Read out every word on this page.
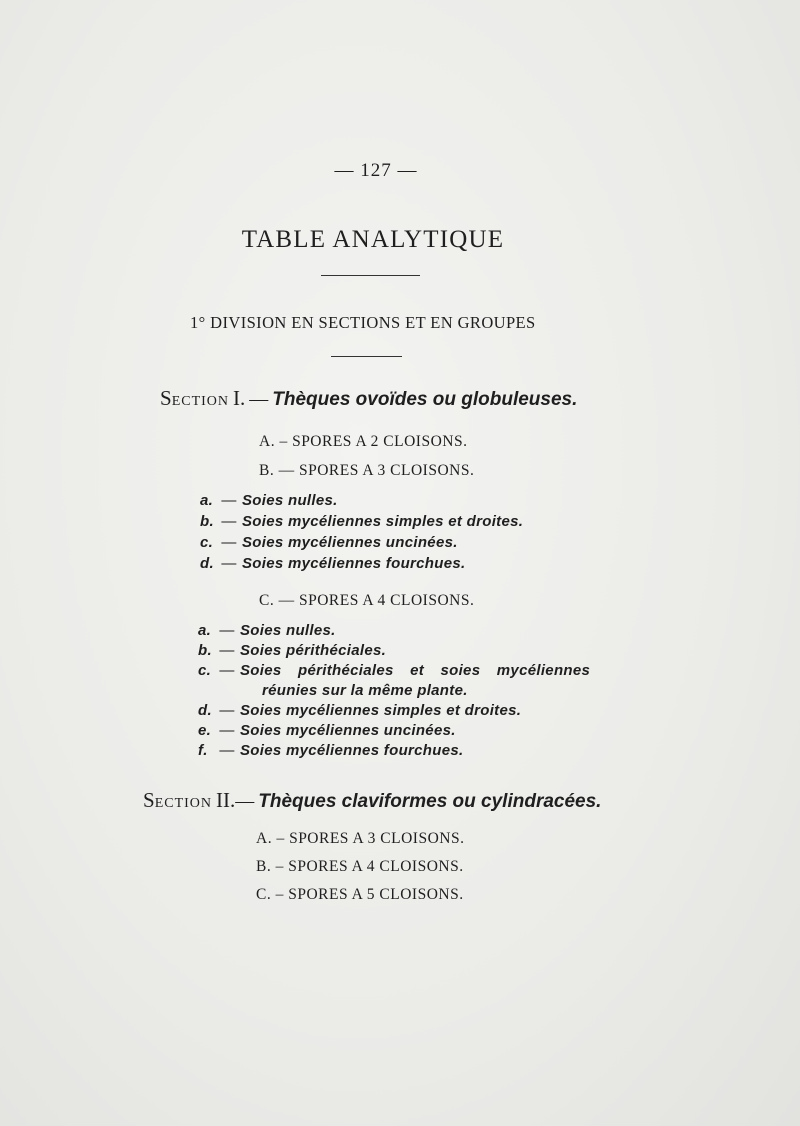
— 127 —
TABLE ANALYTIQUE
1° DIVISION EN SECTIONS ET EN GROUPES
SECTION I. — Thèques ovoïdes ou globuleuses.
A. – SPORES A 2 CLOISONS.
B. — SPORES A 3 CLOISONS.
a. — Soies nulles.
b. — Soies mycéliennes simples et droites.
c. — Soies mycéliennes uncinées.
d. — Soies mycéliennes fourchues.
C. — SPORES A 4 CLOISONS.
a. — Soies nulles.
b. — Soies périthéciales.
c. — Soies périthéciales et soies mycéliennes
réunies sur la même plante.
d. — Soies mycéliennes simples et droites.
e. — Soies mycéliennes uncinées.
f. — Soies mycéliennes fourchues.
SECTION II.— Thèques claviformes ou cylindracées.
A. – SPORES A 3 CLOISONS.
B. – SPORES A 4 CLOISONS.
C. – SPORES A 5 CLOISONS.
